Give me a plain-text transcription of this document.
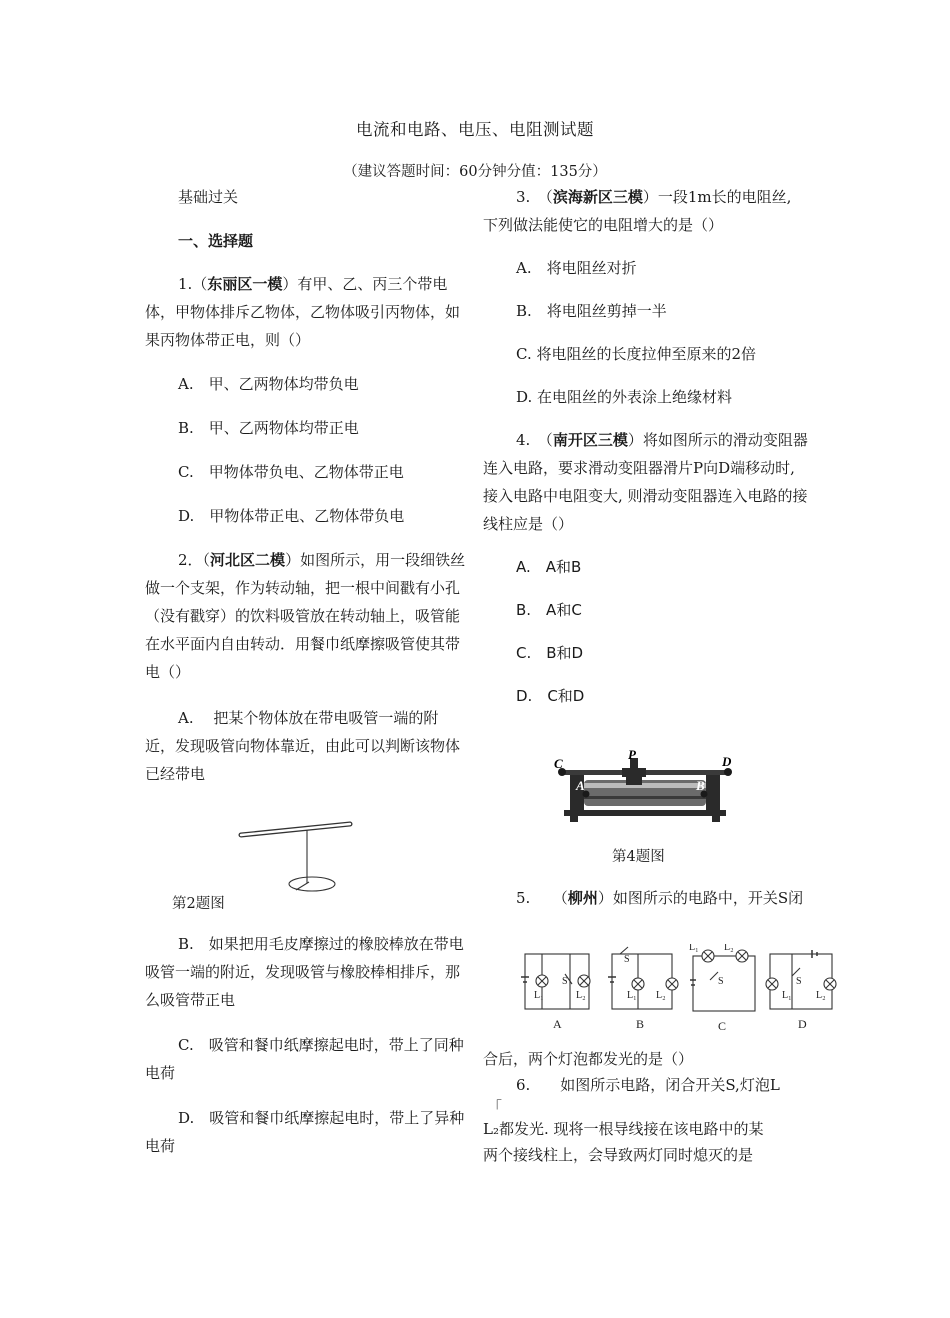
电流和电路、电压、电阻测试题
（建议答题时间：60分钟分值：135分）

基础过关

一、选择题

1.（东丽区一模）有甲、乙、丙三个带电体，甲物体排斥乙物体，乙物体吸引丙物体，如果丙物体带正电，则（）

A.　甲、乙两物体均带负电

B.　甲、乙两物体均带正电

C.　甲物体带负电、乙物体带正电

D.　甲物体带正电、乙物体带负电

2．（河北区二模）如图所示，用一段细铁丝做一个支架，作为转动轴，把一根中间戳有小孔（没有戳穿）的饮料吸管放在转动轴上，吸管能在水平面内自由转动．用餐巾纸摩擦吸管使其带电（）

A.　 把某个物体放在带电吸管一端的附

近，发现吸管向物体靠近，由此可以判断该物体已经带电

第2题图

B.　如果把用毛皮摩擦过的橡胶棒放在带电吸管一端的附近，发现吸管与橡胶棒相排斥，那么吸管带正电

C.　吸管和餐巾纸摩擦起电时，带上了同种电荷

D.　吸管和餐巾纸摩擦起电时，带上了异种电荷

3.　（滨海新区三模）一段1m长的电阻丝,

下列做法能使它的电阻增大的是（）

A.　将电阻丝对折

B.　将电阻丝剪掉一半

C. 将电阻丝的长度拉伸至原来的2倍

D. 在电阻丝的外表涂上绝缘材料

4.　（南开区三模）将如图所示的滑动变阻器连入电路，要求滑动变阻器滑片P向D端移动时, 接入电路中电阻变大, 则滑动变阻器连入电路的接线柱应是（）

A.　A和B

B.　A和C

C.　B和D

D.　C和D

C
P	D
A	B
第4题图

5.　　（柳州）如图所示的电路中，开关S闭

L₁
S
L₂
S
L₁ L₂
L₁	L₂
S
L₁
S
L₂
A	B	C	D

合后，两个灯泡都发光的是（）

6.　　如图所示电路，闭合开关S,灯泡L

「

L₂都发光. 现将一根导线接在该电路中的某

两个接线柱上，会导致两灯同时熄灭的是
